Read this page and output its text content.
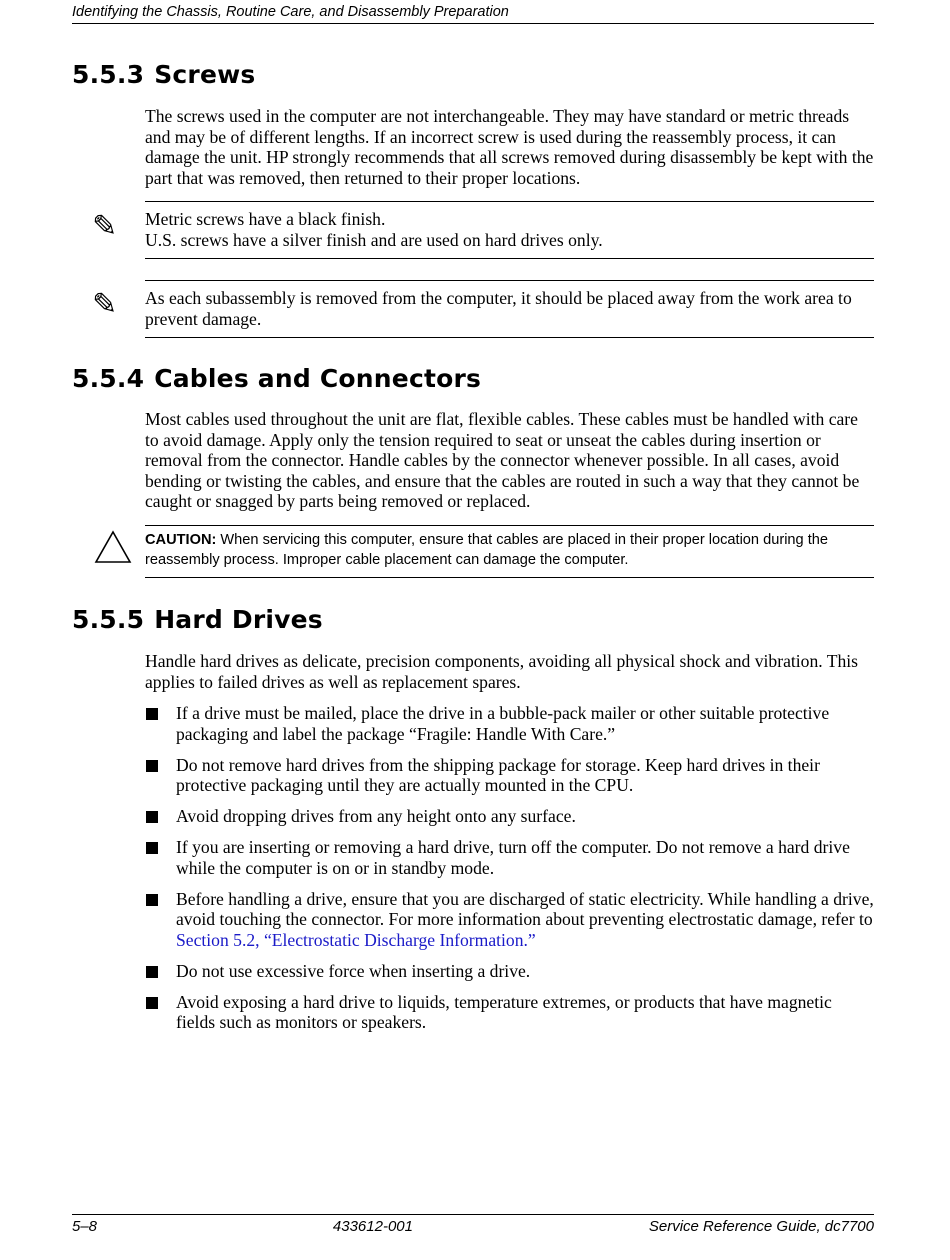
Identifying the Chassis, Routine Care, and Disassembly Preparation
5.5.3 Screws

The screws used in the computer are not interchangeable. They may have standard or metric threads and may be of different lengths. If an incorrect screw is used during the reassembly process, it can damage the unit. HP strongly recommends that all screws removed during disassembly be kept with the part that was removed, then returned to their proper locations.

✎ Metric screws have a black finish.
U.S. screws have a silver finish and are used on hard drives only.
✎ As each subassembly is removed from the computer, it should be placed away from the work area to prevent damage.
5.5.4 Cables and Connectors

Most cables used throughout the unit are flat, flexible cables. These cables must be handled with care to avoid damage. Apply only the tension required to seat or unseat the cables during insertion or removal from the connector. Handle cables by the connector whenever possible. In all cases, avoid bending or twisting the cables, and ensure that the cables are routed in such a way that they cannot be caught or snagged by parts being removed or replaced.

CAUTION: When servicing this computer, ensure that cables are placed in their proper location during the reassembly process. Improper cable placement can damage the computer.
5.5.5 Hard Drives

Handle hard drives as delicate, precision components, avoiding all physical shock and vibration. This applies to failed drives as well as replacement spares.

If a drive must be mailed, place the drive in a bubble-pack mailer or other suitable protective packaging and label the package “Fragile: Handle With Care.”
Do not remove hard drives from the shipping package for storage. Keep hard drives in their protective packaging until they are actually mounted in the CPU.
Avoid dropping drives from any height onto any surface.
If you are inserting or removing a hard drive, turn off the computer. Do not remove a hard drive while the computer is on or in standby mode.
Before handling a drive, ensure that you are discharged of static electricity. While handling a drive, avoid touching the connector. For more information about preventing electrostatic damage, refer to Section 5.2, “Electrostatic Discharge Information.”
Do not use excessive force when inserting a drive.
Avoid exposing a hard drive to liquids, temperature extremes, or products that have magnetic fields such as monitors or speakers.
5–8	433612-001	Service Reference Guide, dc7700
